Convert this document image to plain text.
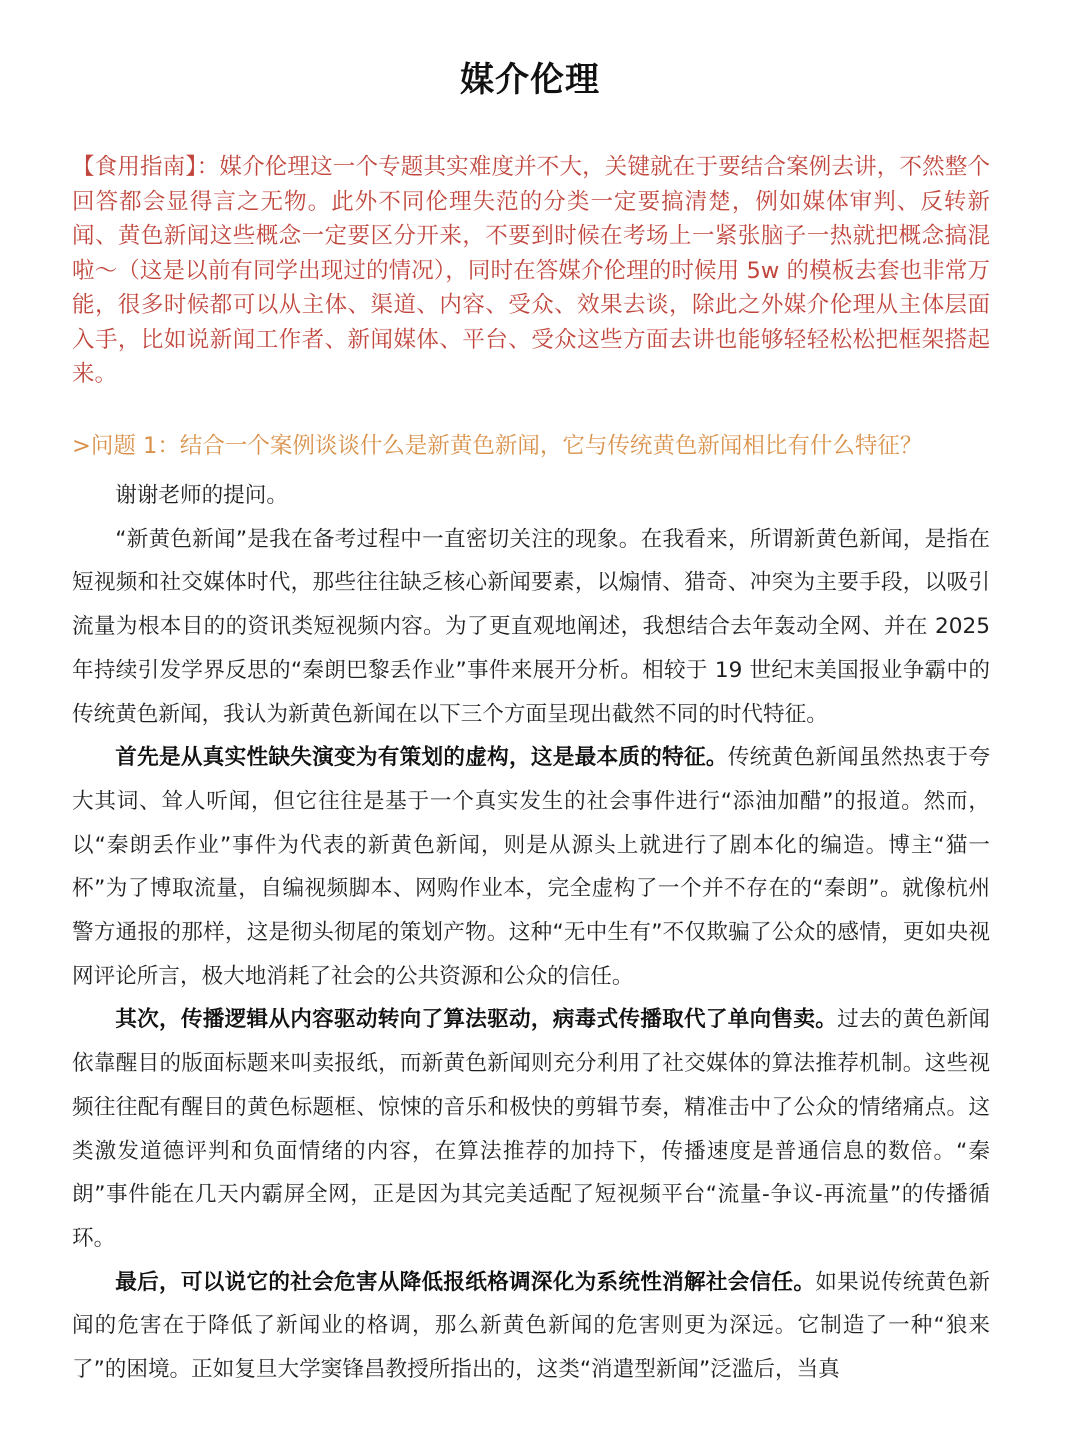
媒介伦理
【食用指南】：媒介伦理这一个专题其实难度并不大，关键就在于要结合案例去讲，不然整个回答都会显得言之无物。此外不同伦理失范的分类一定要搞清楚，例如媒体审判、反转新闻、黄色新闻这些概念一定要区分开来，不要到时候在考场上一紧张脑子一热就把概念搞混啦～（这是以前有同学出现过的情况），同时在答媒介伦理的时候用 5w 的模板去套也非常万能，很多时候都可以从主体、渠道、内容、受众、效果去谈，除此之外媒介伦理从主体层面入手，比如说新闻工作者、新闻媒体、平台、受众这些方面去讲也能够轻轻松松把框架搭起来。
>问题 1：结合一个案例谈谈什么是新黄色新闻，它与传统黄色新闻相比有什么特征？

谢谢老师的提问。

“新黄色新闻”是我在备考过程中一直密切关注的现象。在我看来，所谓新黄色新闻，是指在短视频和社交媒体时代，那些往往缺乏核心新闻要素，以煽情、猎奇、冲突为主要手段，以吸引流量为根本目的的资讯类短视频内容。为了更直观地阐述，我想结合去年轰动全网、并在 2025 年持续引发学界反思的“秦朗巴黎丢作业”事件来展开分析。相较于 19 世纪末美国报业争霸中的传统黄色新闻，我认为新黄色新闻在以下三个方面呈现出截然不同的时代特征。

首先是从真实性缺失演变为有策划的虚构，这是最本质的特征。传统黄色新闻虽然热衷于夸大其词、耸人听闻，但它往往是基于一个真实发生的社会事件进行“添油加醋”的报道。然而，以“秦朗丢作业”事件为代表的新黄色新闻，则是从源头上就进行了剧本化的编造。博主“猫一杯”为了博取流量，自编视频脚本、网购作业本，完全虚构了一个并不存在的“秦朗”。就像杭州警方通报的那样，这是彻头彻尾的策划产物。这种“无中生有”不仅欺骗了公众的感情，更如央视网评论所言，极大地消耗了社会的公共资源和公众的信任。

其次，传播逻辑从内容驱动转向了算法驱动，病毒式传播取代了单向售卖。过去的黄色新闻依靠醒目的版面标题来叫卖报纸，而新黄色新闻则充分利用了社交媒体的算法推荐机制。这些视频往往配有醒目的黄色标题框、惊悚的音乐和极快的剪辑节奏，精准击中了公众的情绪痛点。这类激发道德评判和负面情绪的内容，在算法推荐的加持下，传播速度是普通信息的数倍。“秦朗”事件能在几天内霸屏全网，正是因为其完美适配了短视频平台“流量-争议-再流量”的传播循环。

最后，可以说它的社会危害从降低报纸格调深化为系统性消解社会信任。如果说传统黄色新闻的危害在于降低了新闻业的格调，那么新黄色新闻的危害则更为深远。它制造了一种“狼来了”的困境。正如复旦大学窦锋昌教授所指出的，这类“消遣型新闻”泛滥后，当真
